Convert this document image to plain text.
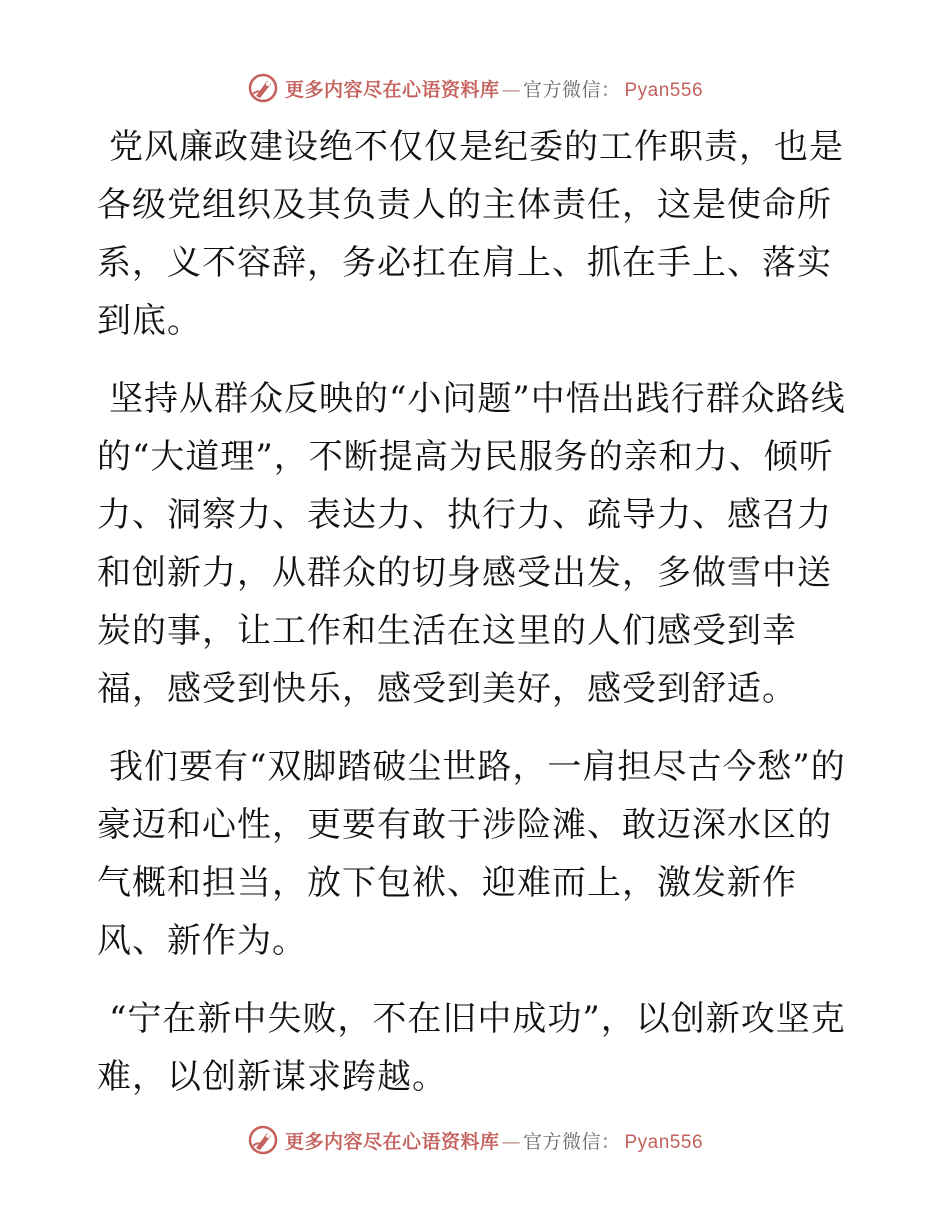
更多内容尽在心语资料库 — 官方微信： Pyan556

党风廉政建设绝不仅仅是纪委的工作职责，也是各级党组织及其负责人的主体责任，这是使命所系，义不容辞，务必扛在肩上、抓在手上、落实到底。

坚持从群众反映的“小问题”中悟出践行群众路线的“大道理”，不断提高为民服务的亲和力、倾听力、洞察力、表达力、执行力、疏导力、感召力和创新力，从群众的切身感受出发，多做雪中送炭的事，让工作和生活在这里的人们感受到幸福，感受到快乐，感受到美好，感受到舒适。

我们要有“双脚踏破尘世路，一肩担尽古今愁”的豪迈和心性，更要有敢于涉险滩、敢迈深水区的气概和担当，放下包袱、迎难而上，激发新作风、新作为。

“宁在新中失败，不在旧中成功”，以创新攻坚克难，以创新谋求跨越。

更多内容尽在心语资料库 — 官方微信： Pyan556
